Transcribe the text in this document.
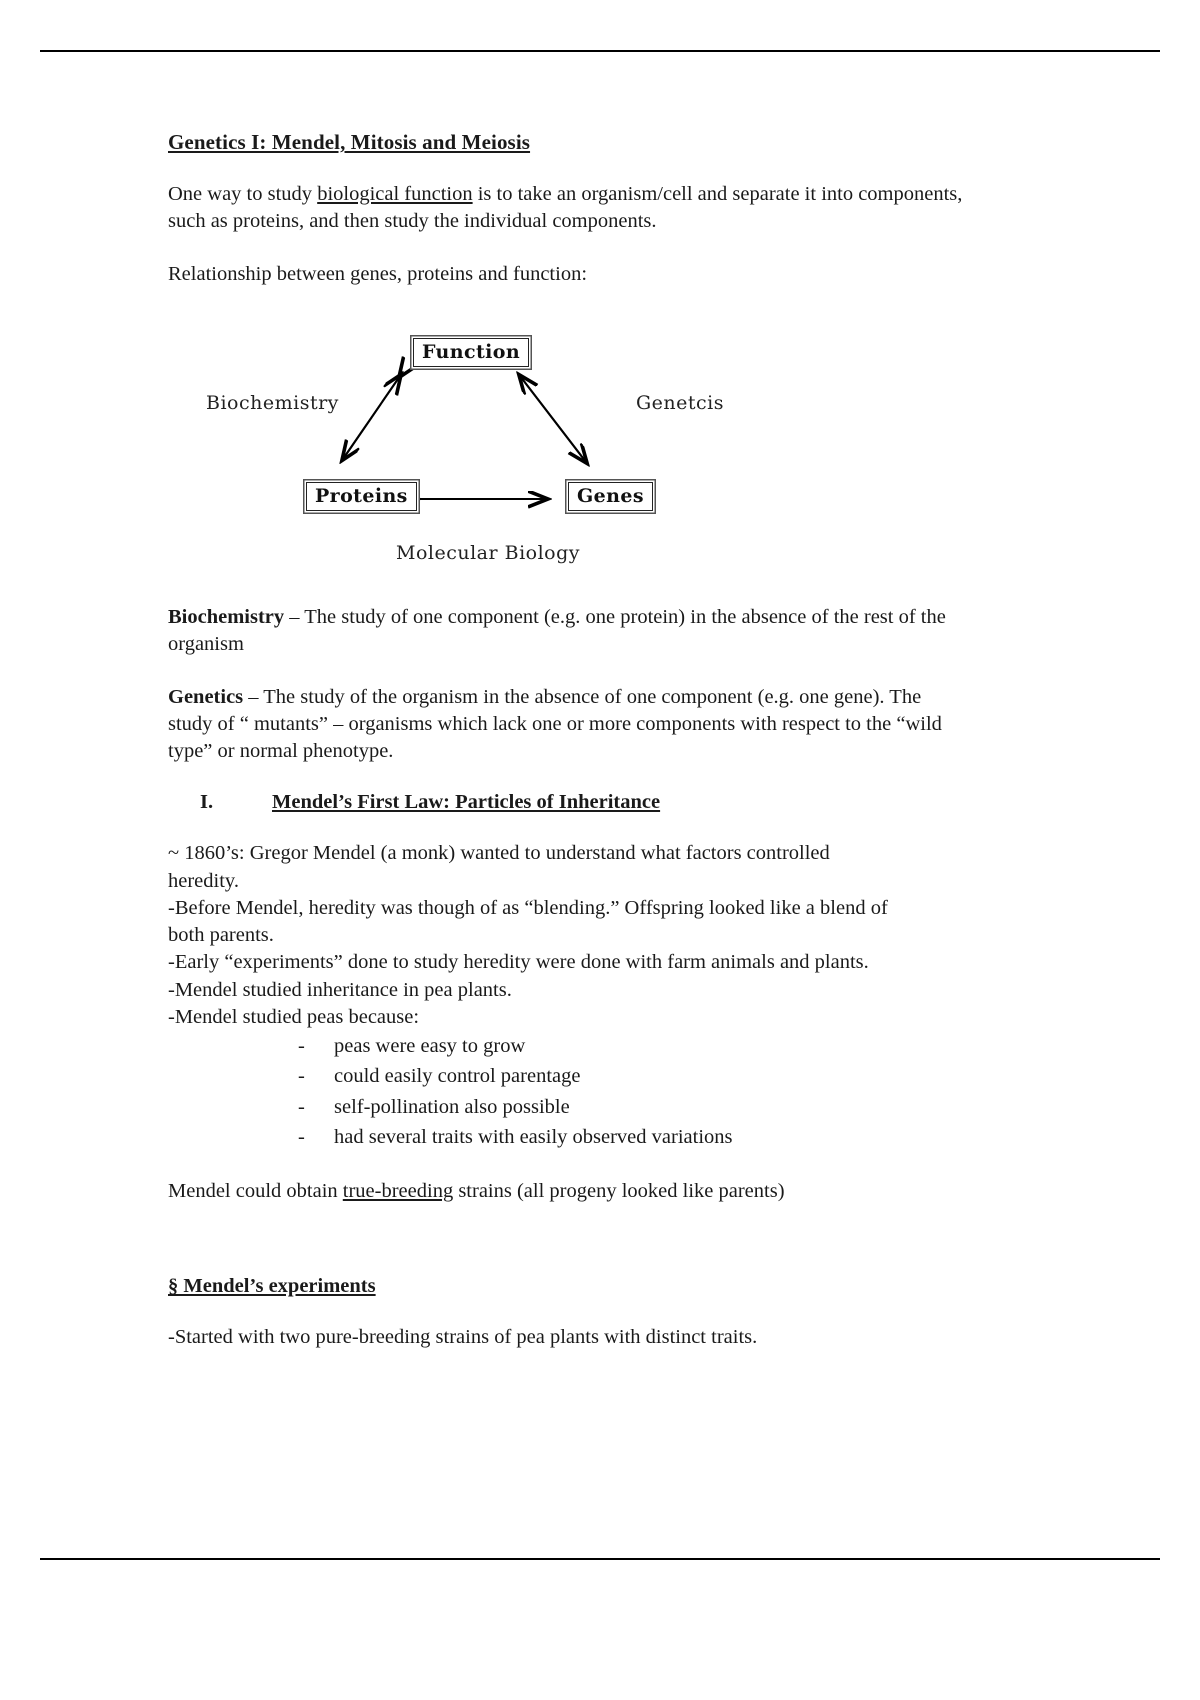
Genetics I: Mendel, Mitosis and Meiosis

One way to study biological function is to take an organism/cell and separate it into components, such as proteins, and then study the individual components.

Relationship between genes, proteins and function:

Function
Proteins	Genes
Biochemistry	Genetcis
Molecular Biology

Biochemistry – The study of one component (e.g. one protein) in the absence of the rest of the organism

Genetics – The study of the organism in the absence of one component (e.g. one gene). The study of “ mutants” – organisms which lack one or more components with respect to the “wild type” or normal phenotype.

I.	Mendel’s First Law: Particles of Inheritance
~ 1860’s: Gregor Mendel (a monk) wanted to understand what factors controlled
heredity.
-Before Mendel, heredity was though of as “blending.” Offspring looked like a blend of
both parents.
-Early “experiments” done to study heredity were done with farm animals and plants.
-Mendel studied inheritance in pea plants.
-Mendel studied peas because:
-	peas were easy to grow
-	could easily control parentage
-	self-pollination also possible
-	had several traits with easily observed variations

Mendel could obtain true-breeding strains (all progeny looked like parents)

§ Mendel’s experiments

-Started with two pure-breeding strains of pea plants with distinct traits.
